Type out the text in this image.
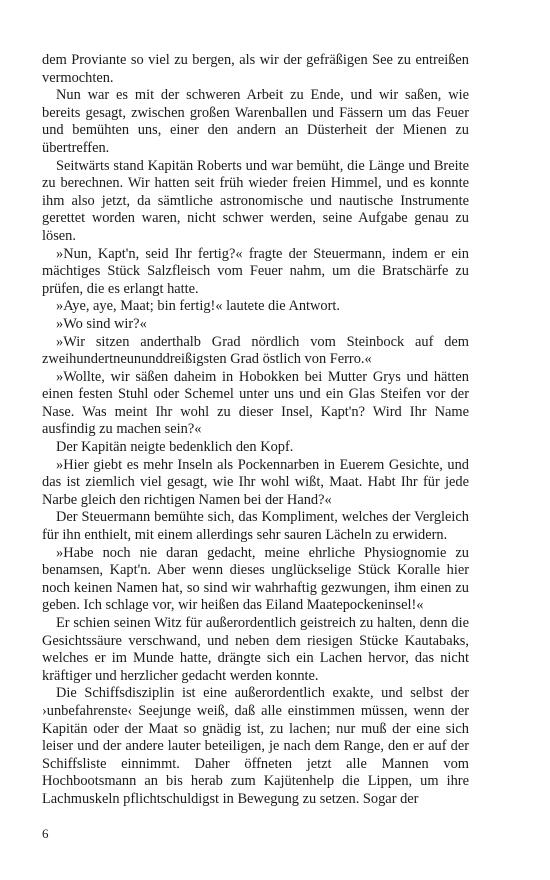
dem Proviante so viel zu bergen, als wir der gefräßigen See zu entreißen vermochten.

Nun war es mit der schweren Arbeit zu Ende, und wir saßen, wie bereits gesagt, zwischen großen Warenballen und Fässern um das Feuer und bemühten uns, einer den andern an Düsterheit der Mienen zu übertreffen.

Seitwärts stand Kapitän Roberts und war bemüht, die Länge und Breite zu berechnen. Wir hatten seit früh wieder freien Himmel, und es konnte ihm also jetzt, da sämtliche astronomische und nautische Instrumente gerettet worden waren, nicht schwer werden, seine Aufgabe genau zu lösen.

»Nun, Kapt'n, seid Ihr fertig?« fragte der Steuermann, indem er ein mächtiges Stück Salzfleisch vom Feuer nahm, um die Bratschärfe zu prüfen, die es erlangt hatte.

»Aye, aye, Maat; bin fertig!« lautete die Antwort.

»Wo sind wir?«

»Wir sitzen anderthalb Grad nördlich vom Steinbock auf dem zweihundertneununddreißigsten Grad östlich von Ferro.«

»Wollte, wir säßen daheim in Hobokken bei Mutter Grys und hätten einen festen Stuhl oder Schemel unter uns und ein Glas Steifen vor der Nase. Was meint Ihr wohl zu dieser Insel, Kapt'n? Wird Ihr Name ausfindig zu machen sein?«

Der Kapitän neigte bedenklich den Kopf.

»Hier giebt es mehr Inseln als Pockennarben in Euerem Gesichte, und das ist ziemlich viel gesagt, wie Ihr wohl wißt, Maat. Habt Ihr für jede Narbe gleich den richtigen Namen bei der Hand?«

Der Steuermann bemühte sich, das Kompliment, welches der Vergleich für ihn enthielt, mit einem allerdings sehr sauren Lächeln zu erwidern.

»Habe noch nie daran gedacht, meine ehrliche Physiognomie zu benamsen, Kapt'n. Aber wenn dieses unglückselige Stück Koralle hier noch keinen Namen hat, so sind wir wahrhaftig gezwungen, ihm einen zu geben. Ich schlage vor, wir heißen das Eiland Maatepockeninsel!«

Er schien seinen Witz für außerordentlich geistreich zu halten, denn die Gesichtssäure verschwand, und neben dem riesigen Stücke Kautabaks, welches er im Munde hatte, drängte sich ein Lachen hervor, das nicht kräftiger und herzlicher gedacht werden konnte.

Die Schiffsdisziplin ist eine außerordentlich exakte, und selbst der ›unbefahrenste‹ Seejunge weiß, daß alle einstimmen müssen, wenn der Kapitän oder der Maat so gnädig ist, zu lachen; nur muß der eine sich leiser und der andere lauter beteiligen, je nach dem Range, den er auf der Schiffsliste einnimmt. Daher öffneten jetzt alle Mannen vom Hochbootsmann an bis herab zum Kajütenhelp die Lippen, um ihre Lachmuskeln pflichtschuldigst in Bewegung zu setzen. Sogar der

6
